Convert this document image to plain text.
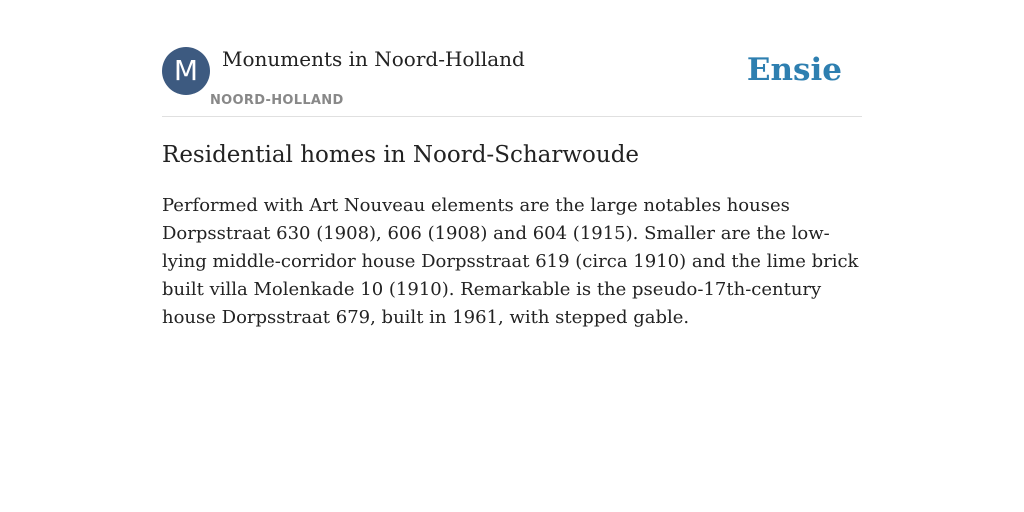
M	Monuments in Noord-Holland
NOORD-HOLLAND
Ensie
Residential homes in Noord-Scharwoude

Performed with Art Nouveau elements are the large notables houses Dorpsstraat 630 (1908), 606 (1908) and 604 (1915). Smaller are the low-lying middle-corridor house Dorpsstraat 619 (circa 1910) and the lime brick built villa Molenkade 10 (1910). Remarkable is the pseudo-17th-century house Dorpsstraat 679, built in 1961, with stepped gable.
